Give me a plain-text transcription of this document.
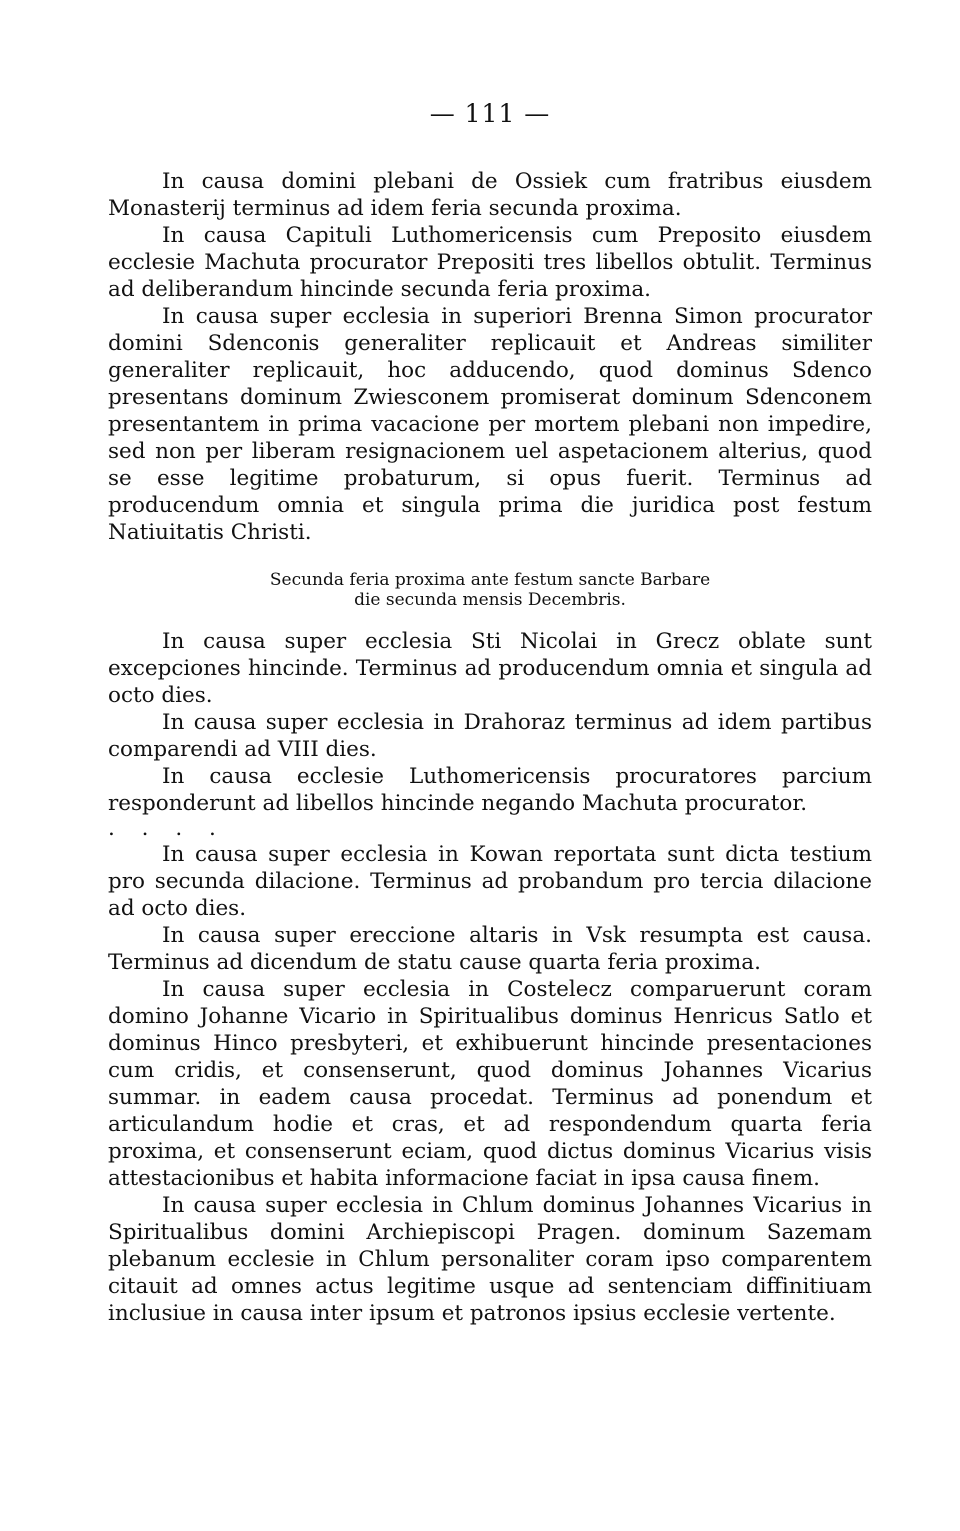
— 111 —

In causa domini plebani de Ossiek cum fratribus eiusdem Monasterij terminus ad idem feria secunda proxima.

In causa Capituli Luthomericensis cum Preposito eiusdem ecclesie Machuta procurator Prepositi tres libellos obtulit. Terminus ad deliberandum hincinde secunda feria proxima.

In causa super ecclesia in superiori Brenna Simon procurator domini Sdenconis generaliter replicauit et Andreas similiter generaliter replicauit, hoc adducendo, quod dominus Sdenco presentans dominum Zwiesconem promiserat dominum Sdenconem presentantem in prima vacacione per mortem plebani non impedire, sed non per liberam resignacionem uel aspetacionem alterius, quod se esse legitime probaturum, si opus fuerit. Terminus ad producendum omnia et singula prima die juridica post festum Natiuitatis Christi.

Secunda feria proxima ante festum sancte Barbare
die secunda mensis Decembris.

In causa super ecclesia Sti Nicolai in Grecz oblate sunt excepciones hincinde. Terminus ad producendum omnia et singula ad octo dies.

In causa super ecclesia in Drahoraz terminus ad idem partibus comparendi ad VIII dies.

In causa ecclesie Luthomericensis procuratores parcium responderunt ad libellos hincinde negando Machuta procurator.

. . . .

In causa super ecclesia in Kowan reportata sunt dicta testium pro secunda dilacione. Terminus ad probandum pro tercia dilacione ad octo dies.

In causa super ereccione altaris in Vsk resumpta est causa. Terminus ad dicendum de statu cause quarta feria proxima.

In causa super ecclesia in Costelecz comparuerunt coram domino Johanne Vicario in Spiritualibus dominus Henricus Satlo et dominus Hinco presbyteri, et exhibuerunt hincinde presentaciones cum cridis, et consenserunt, quod dominus Johannes Vicarius summar. in eadem causa procedat. Terminus ad ponendum et articulandum hodie et cras, et ad respondendum quarta feria proxima, et consenserunt eciam, quod dictus dominus Vicarius visis attestacionibus et habita informacione faciat in ipsa causa finem.

In causa super ecclesia in Chlum dominus Johannes Vicarius in Spiritualibus domini Archiepiscopi Pragen. dominum Sazemam plebanum ecclesie in Chlum personaliter coram ipso comparentem citauit ad omnes actus legitime usque ad sentenciam diffinitiuam inclusiue in causa inter ipsum et patronos ipsius ecclesie vertente.
